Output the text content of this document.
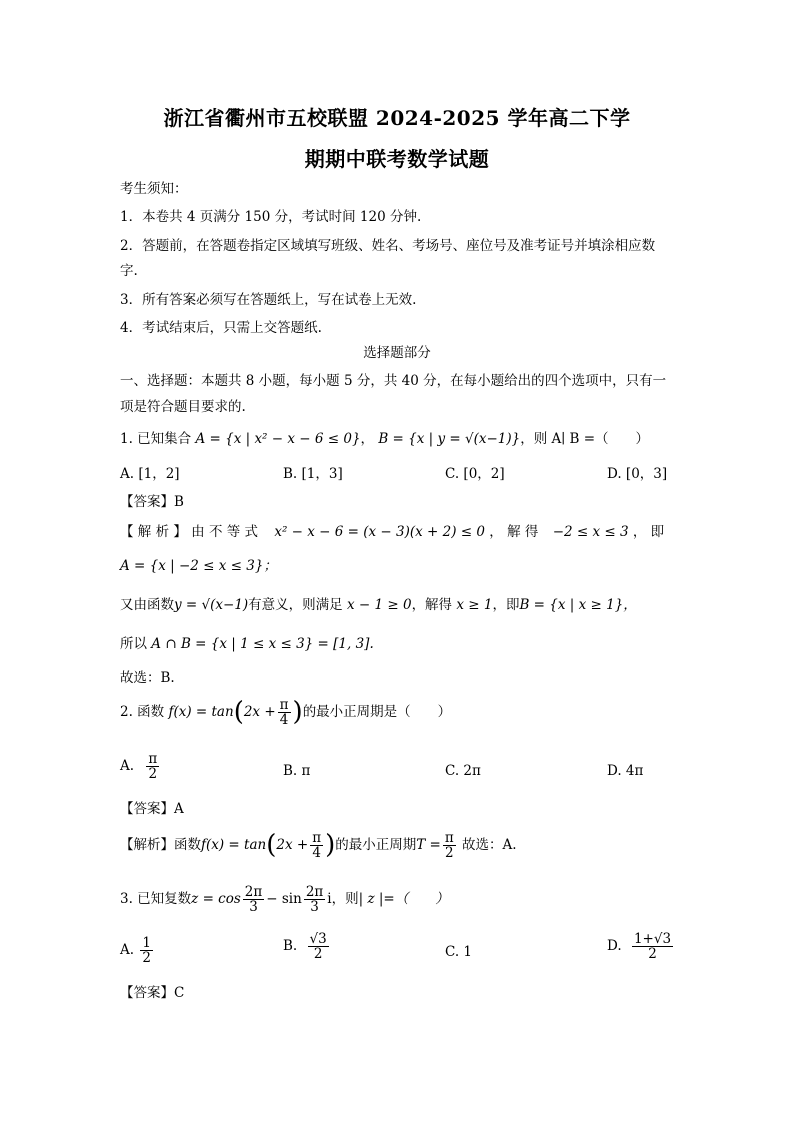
浙江省衢州市五校联盟 2024-2025 学年高二下学
期期中联考数学试题
考生须知：
1．本卷共 4 页满分 150 分，考试时间 120 分钟.
2．答题前，在答题卷指定区域填写班级、姓名、考场号、座位号及准考证号并填涂相应数
字.
3．所有答案必须写在答题纸上，写在试卷上无效.
4．考试结束后，只需上交答题纸.
选择题部分
一、选择题：本题共 8 小题，每小题 5 分，共 40 分，在每小题给出的四个选项中，只有一
项是符合题目要求的.
1. 已知集合 A = {x | x² − x − 6 ≤ 0}， B = {x | y = √(x−1)}，则 A∣ B =（　　）
A. [1，2]	B. [1，3]	C. [0，2]	D. [0，3]
【答案】B
【 解 析 】 由 不 等 式 x² − x − 6 = (x − 3)(x + 2) ≤ 0 ， 解 得 −2 ≤ x ≤ 3 ， 即
A = {x | −2 ≤ x ≤ 3}；
又由函数y = √(x−1)有意义，则满足 x − 1 ≥ 0，解得 x ≥ 1，即B = {x | x ≥ 1}，
所以 A ∩ B = {x | 1 ≤ x ≤ 3} = [1, 3].
故选：B.
2. 函数 $f(x) = \tan(2x + \frac{\pi}{4}$ )的最小正周期是（　　）
A. $\frac{\pi}{2}$	B. π	C. 2π	D. 4π
【答案】A
【解析】函数$f(x) = \tan(2x + \frac{\pi}{4}$ )的最小正周期$T = \frac{\pi}{2}$ 故选：A.
3. 已知复数$z = \cos \frac{2\pi}{3} - \sin \frac{2\pi}{3}$ i，则| z |=（　　）
A. $\frac{1}{2}$	B. $\frac{√3}{2}$	C. 1	D. $\frac{1+√3}{2}$
【答案】C
